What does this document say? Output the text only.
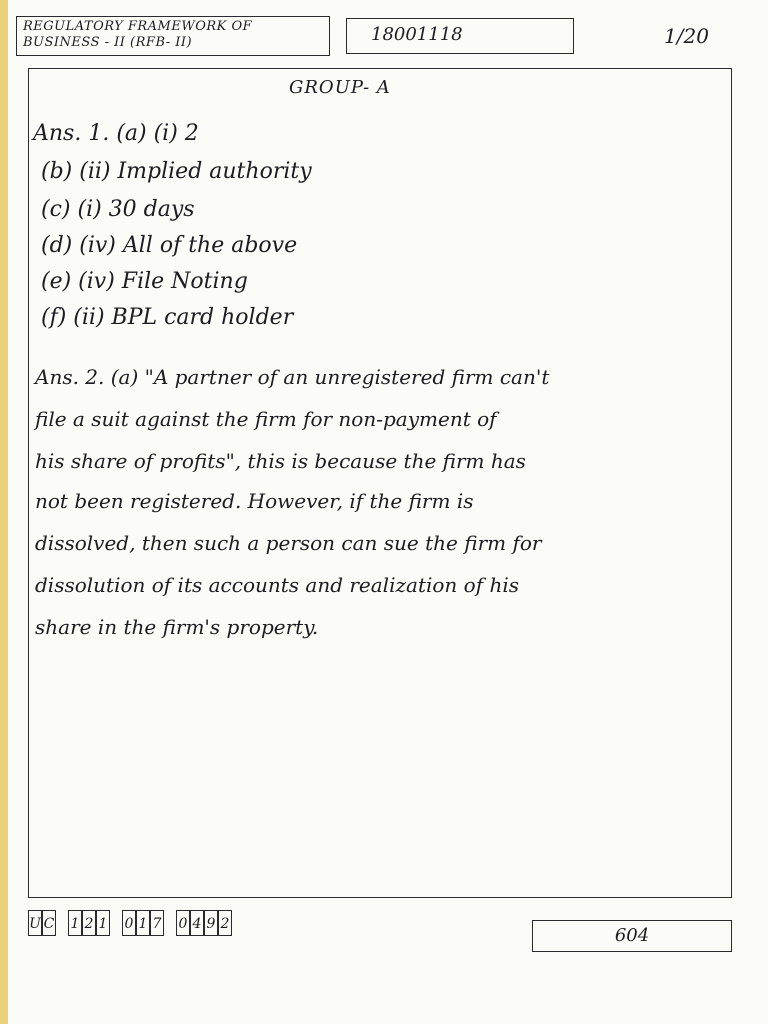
REGULATORY FRAMEWORK OF
BUSINESS - II (RFB- II)	18001118	1/20
GROUP- A
Ans. 1. (a) (i) 2
(b) (ii) Implied authority
(c) (i) 30 days
(d) (iv) All of the above
(e) (iv) File Noting
(f) (ii) BPL card holder
Ans. 2. (a) "A partner of an unregistered firm can't
file a suit against the firm for non-payment of
his share of profits", this is because the firm has
not been registered. However, if the firm is
dissolved, then such a person can sue the firm for
dissolution of its accounts and realization of his
share in the firm's property.
U C 1 2 1 0 1 7 0 4 9 2
604
